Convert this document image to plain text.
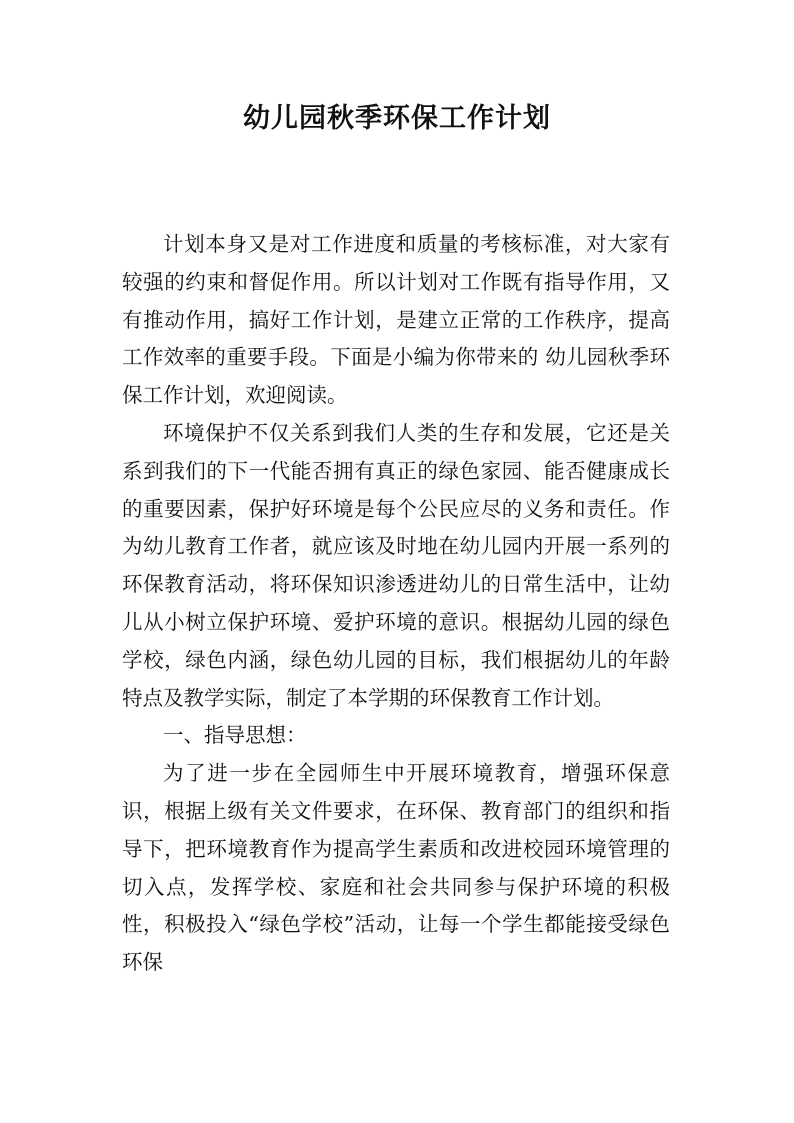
幼儿园秋季环保工作计划

计划本身又是对工作进度和质量的考核标准，对大家有较强的约束和督促作用。所以计划对工作既有指导作用，又有推动作用，搞好工作计划，是建立正常的工作秩序，提高工作效率的重要手段。下面是小编为你带来的 幼儿园秋季环保工作计划，欢迎阅读。

环境保护不仅关系到我们人类的生存和发展，它还是关系到我们的下一代能否拥有真正的绿色家园、能否健康成长的重要因素，保护好环境是每个公民应尽的义务和责任。作为幼儿教育工作者，就应该及时地在幼儿园内开展一系列的环保教育活动，将环保知识渗透进幼儿的日常生活中，让幼儿从小树立保护环境、爱护环境的意识。根据幼儿园的绿色学校，绿色内涵，绿色幼儿园的目标，我们根据幼儿的年龄特点及教学实际，制定了本学期的环保教育工作计划。

一、指导思想：

为了进一步在全园师生中开展环境教育，增强环保意识，根据上级有关文件要求，在环保、教育部门的组织和指导下，把环境教育作为提高学生素质和改进校园环境管理的切入点，发挥学校、家庭和社会共同参与保护环境的积极性，积极投入“绿色学校”活动，让每一个学生都能接受绿色环保
